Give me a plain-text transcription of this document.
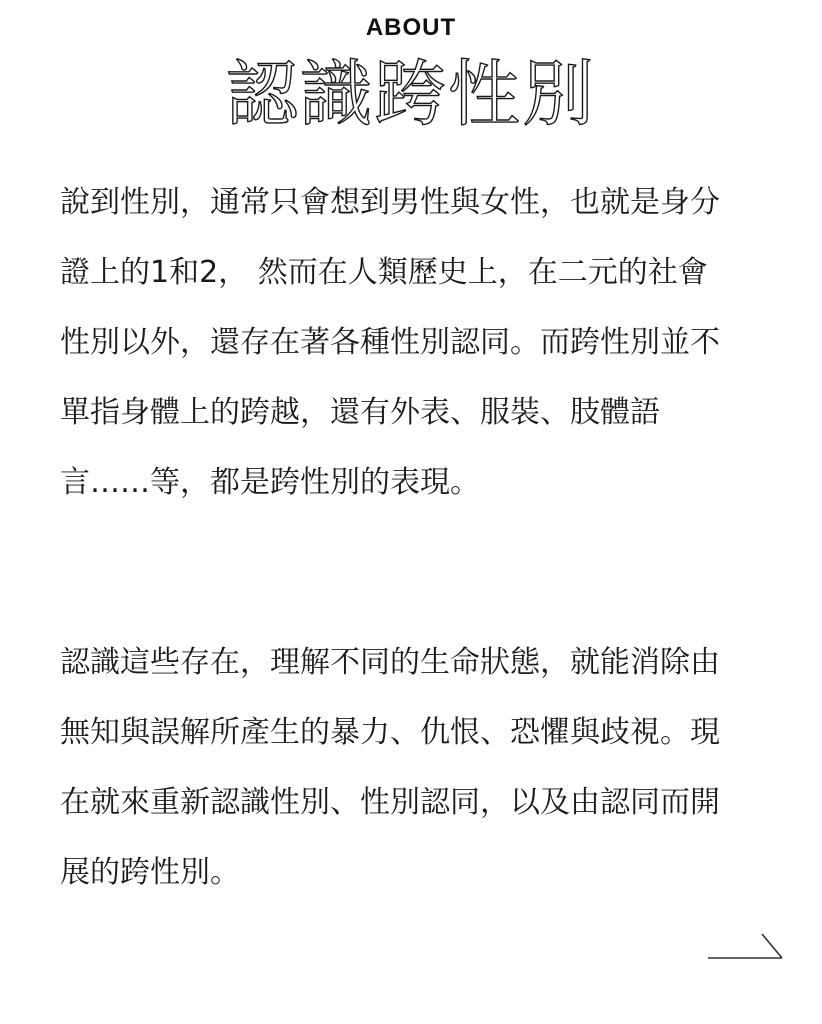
ABOUT
認識跨性別
說到性別，通常只會想到男性與女性，也就是身分
證上的1和2， 然而在人類歷史上，在二元的社會
性別以外，還存在著各種性別認同。而跨性別並不
單指身體上的跨越，還有外表、服裝、肢體語
言……等，都是跨性別的表現。
認識這些存在，理解不同的生命狀態，就能消除由
無知與誤解所產生的暴力、仇恨、恐懼與歧視。現
在就來重新認識性別、性別認同，以及由認同而開
展的跨性別。
